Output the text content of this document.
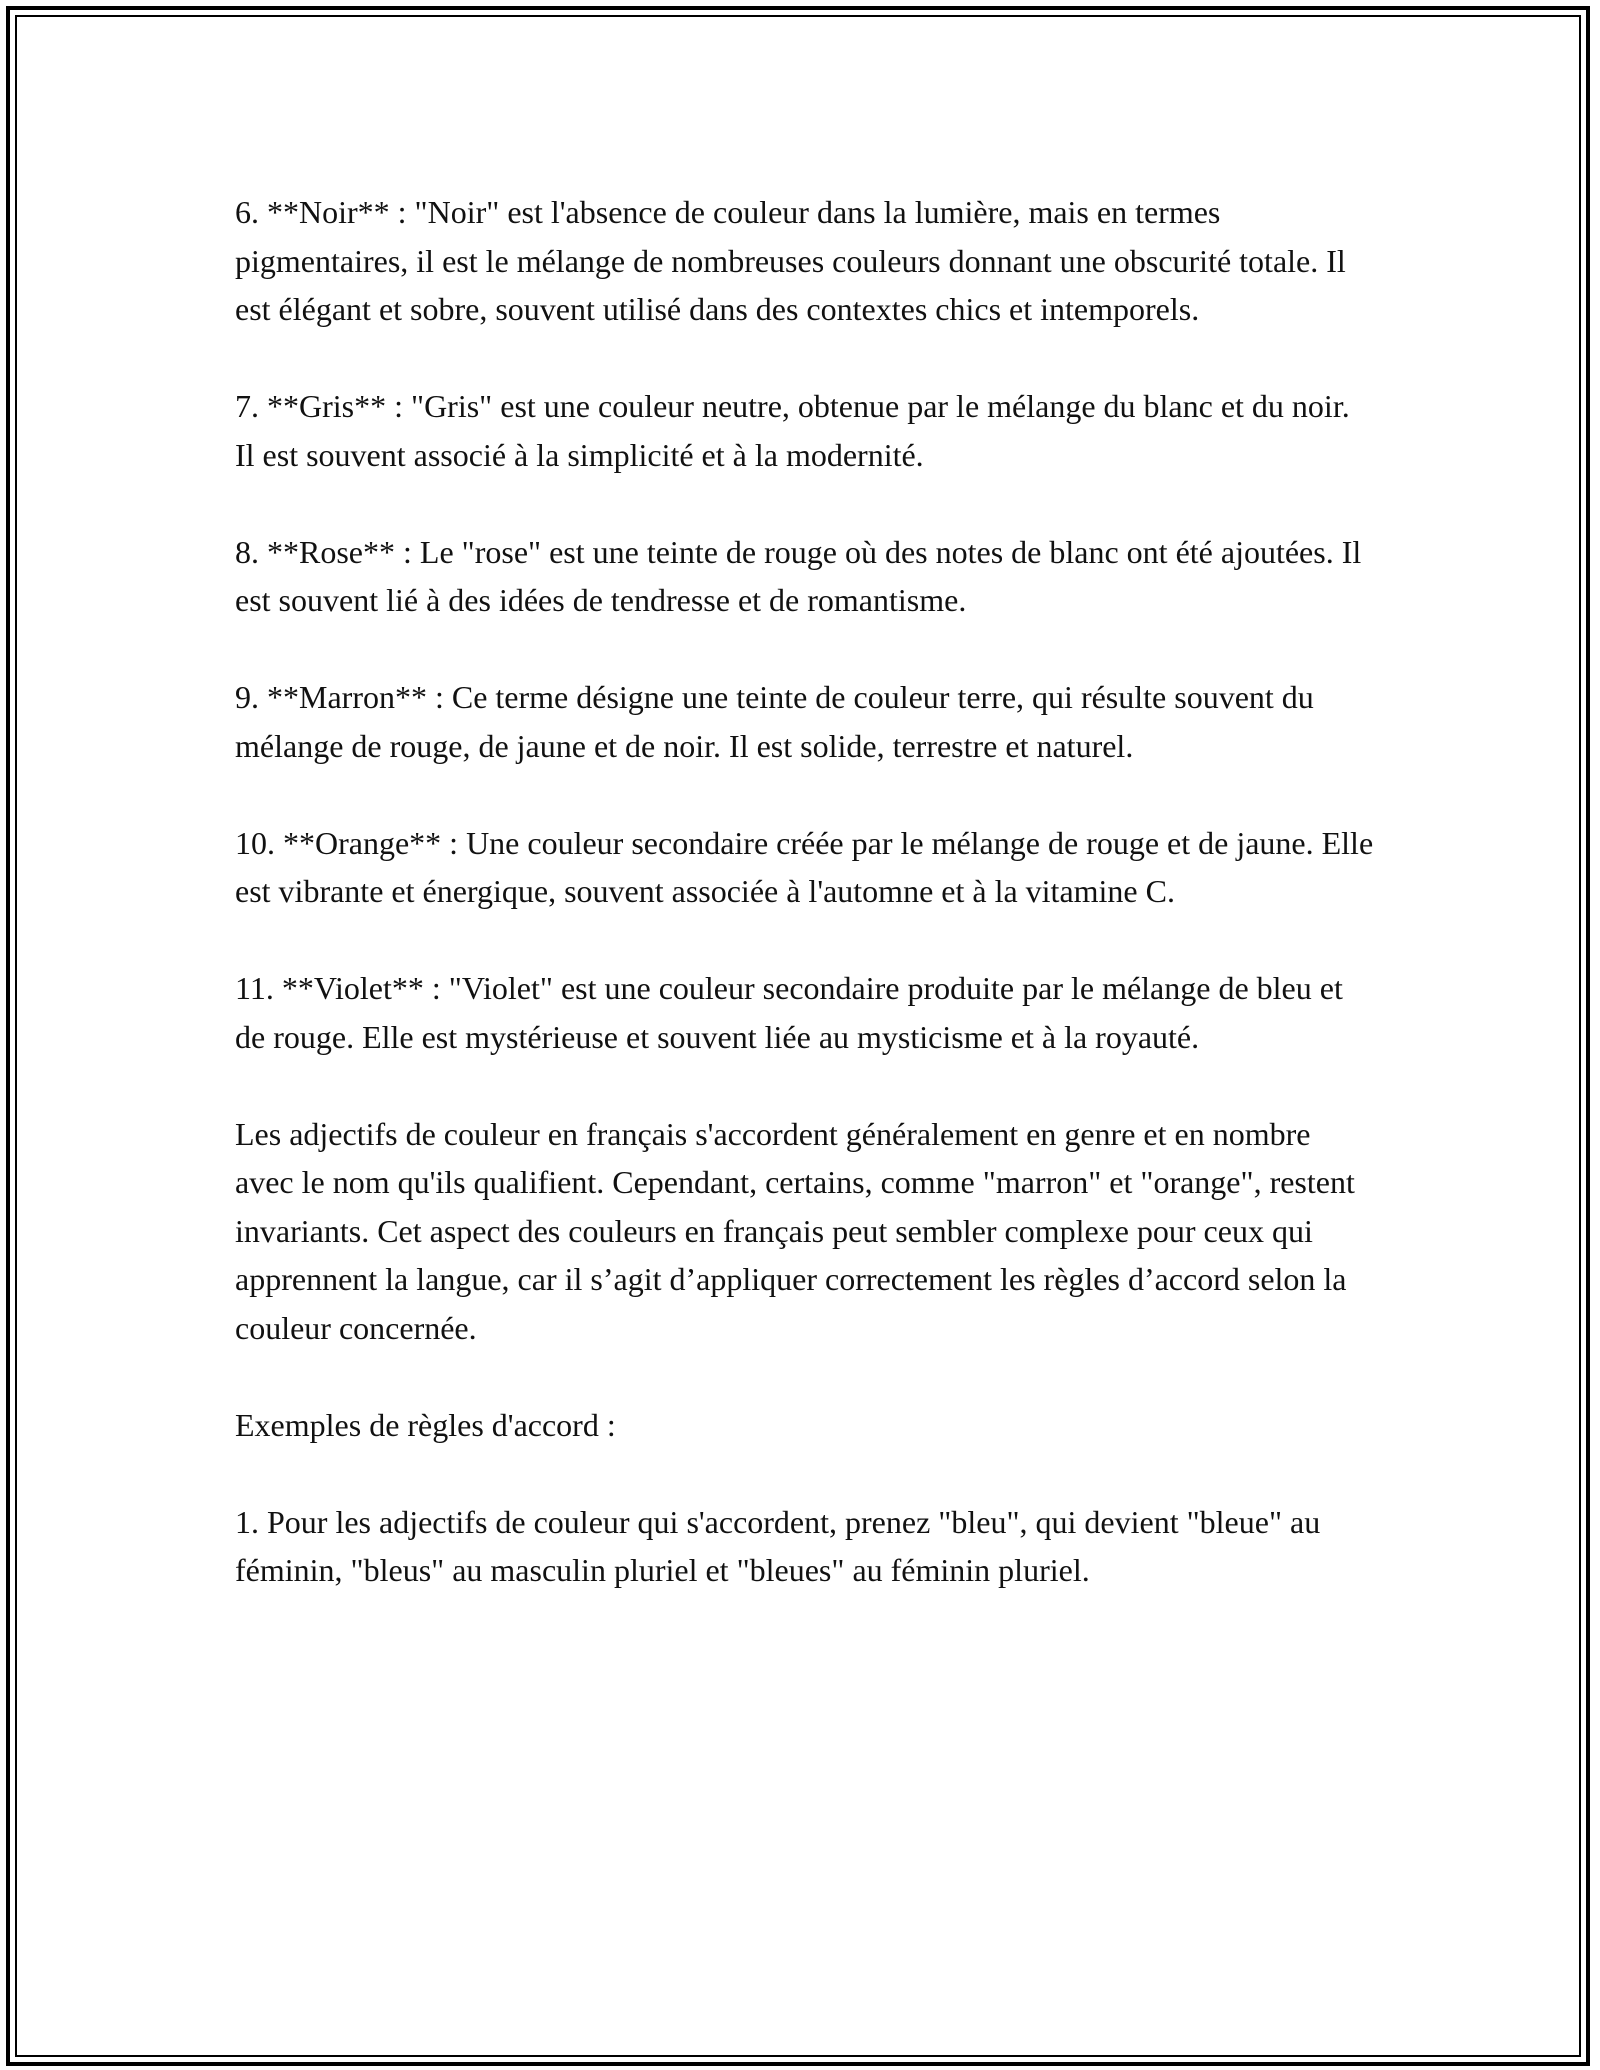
6. **Noir** : "Noir" est l'absence de couleur dans la lumière, mais en termes pigmentaires, il est le mélange de nombreuses couleurs donnant une obscurité totale. Il est élégant et sobre, souvent utilisé dans des contextes chics et intemporels.

7. **Gris** : "Gris" est une couleur neutre, obtenue par le mélange du blanc et du noir. Il est souvent associé à la simplicité et à la modernité.

8. **Rose** : Le "rose" est une teinte de rouge où des notes de blanc ont été ajoutées. Il est souvent lié à des idées de tendresse et de romantisme.

9. **Marron** : Ce terme désigne une teinte de couleur terre, qui résulte souvent du mélange de rouge, de jaune et de noir. Il est solide, terrestre et naturel.

10. **Orange** : Une couleur secondaire créée par le mélange de rouge et de jaune. Elle est vibrante et énergique, souvent associée à l'automne et à la vitamine C.

11. **Violet** : "Violet" est une couleur secondaire produite par le mélange de bleu et de rouge. Elle est mystérieuse et souvent liée au mysticisme et à la royauté.

Les adjectifs de couleur en français s'accordent généralement en genre et en nombre avec le nom qu'ils qualifient. Cependant, certains, comme "marron" et "orange", restent invariants. Cet aspect des couleurs en français peut sembler complexe pour ceux qui apprennent la langue, car il s’agit d’appliquer correctement les règles d’accord selon la couleur concernée.

Exemples de règles d'accord :

1. Pour les adjectifs de couleur qui s'accordent, prenez "bleu", qui devient "bleue" au féminin, "bleus" au masculin pluriel et "bleues" au féminin pluriel.
